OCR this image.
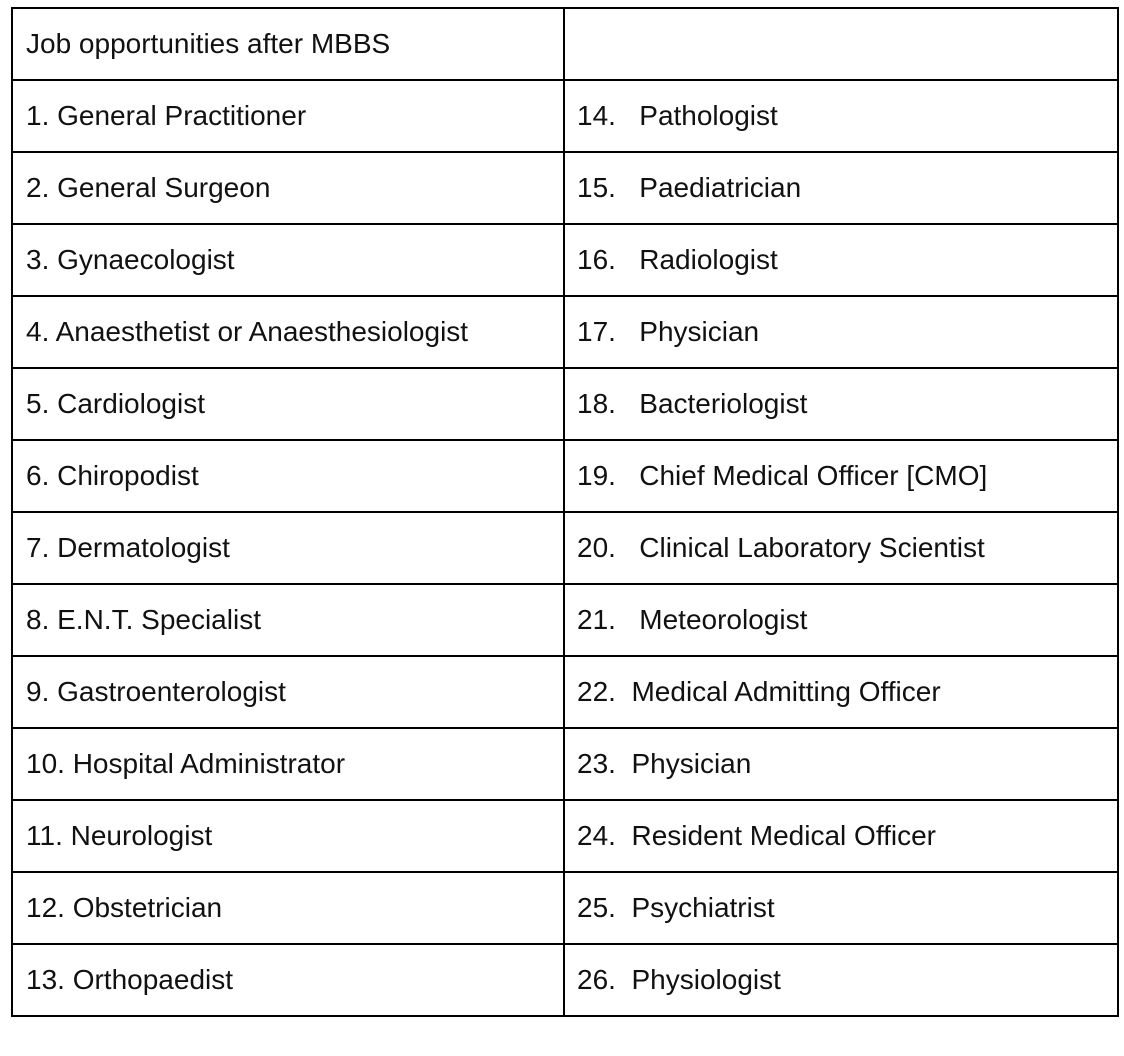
Job opportunities after MBBS	
1. General Practitioner	14.   Pathologist
2. General Surgeon	15.   Paediatrician
3. Gynaecologist	16.   Radiologist
4. Anaesthetist or Anaesthesiologist	17.   Physician
5. Cardiologist	18.   Bacteriologist
6. Chiropodist	19.   Chief Medical Officer [CMO]
7. Dermatologist	20.   Clinical Laboratory Scientist
8. E.N.T. Specialist	21.   Meteorologist
9. Gastroenterologist	22.  Medical Admitting Officer
10. Hospital Administrator	23.  Physician
11. Neurologist	24.  Resident Medical Officer
12. Obstetrician	25.  Psychiatrist
13. Orthopaedist	26.  Physiologist
